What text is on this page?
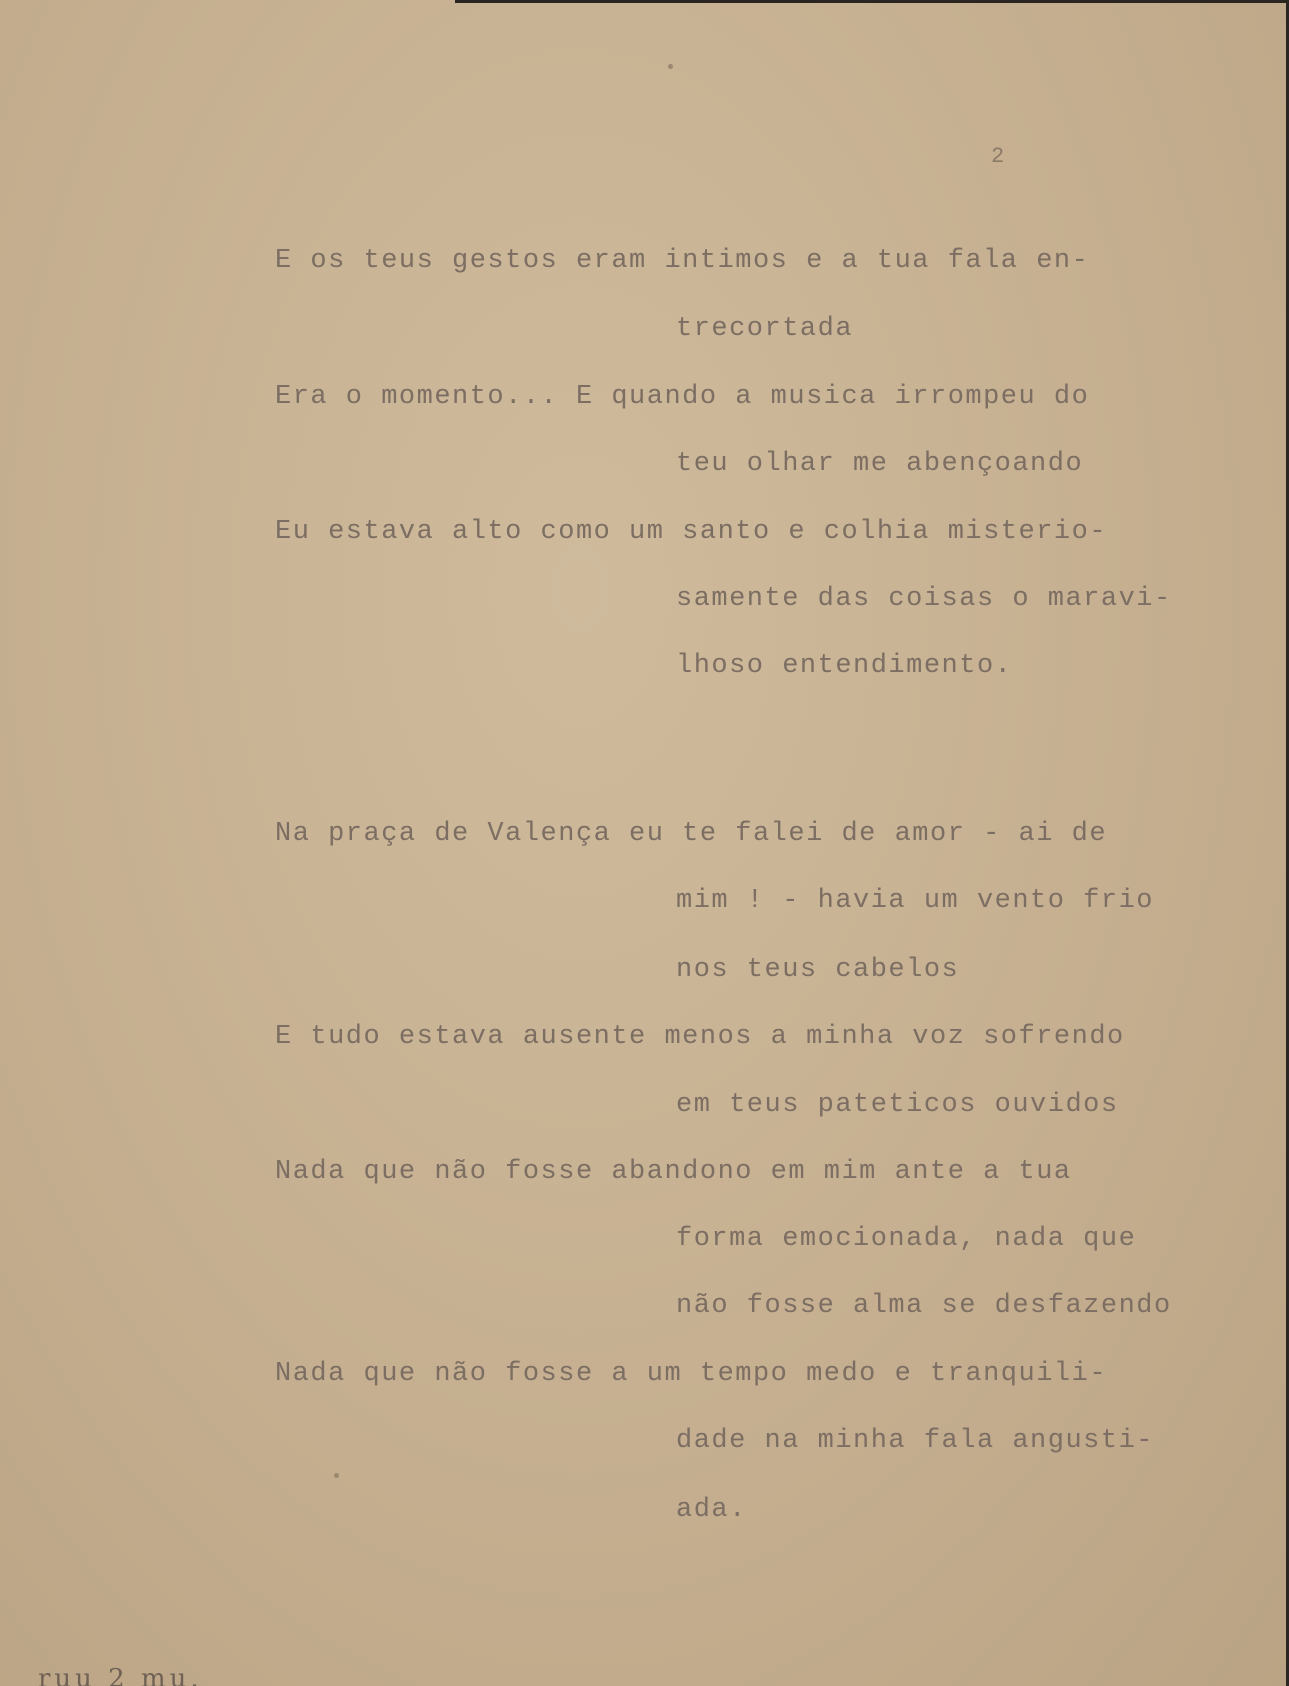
2
E os teus gestos eram intimos e a tua fala en-
trecortada
Era o momento... E quando a musica irrompeu do
teu olhar me abençoando
Eu estava alto como um santo e colhia misterio-
samente das coisas o maravi-
lhoso entendimento.
Na praça de Valença eu te falei de amor - ai de
mim ! - havia um vento frio
nos teus cabelos
E tudo estava ausente menos a minha voz sofrendo
em teus pateticos ouvidos
Nada que não fosse abandono em mim ante a tua
forma emocionada, nada que
não fosse alma se desfazendo
Nada que não fosse a um tempo medo e tranquili-
dade na minha fala angusti-
ada.
ruu 2 mu.
